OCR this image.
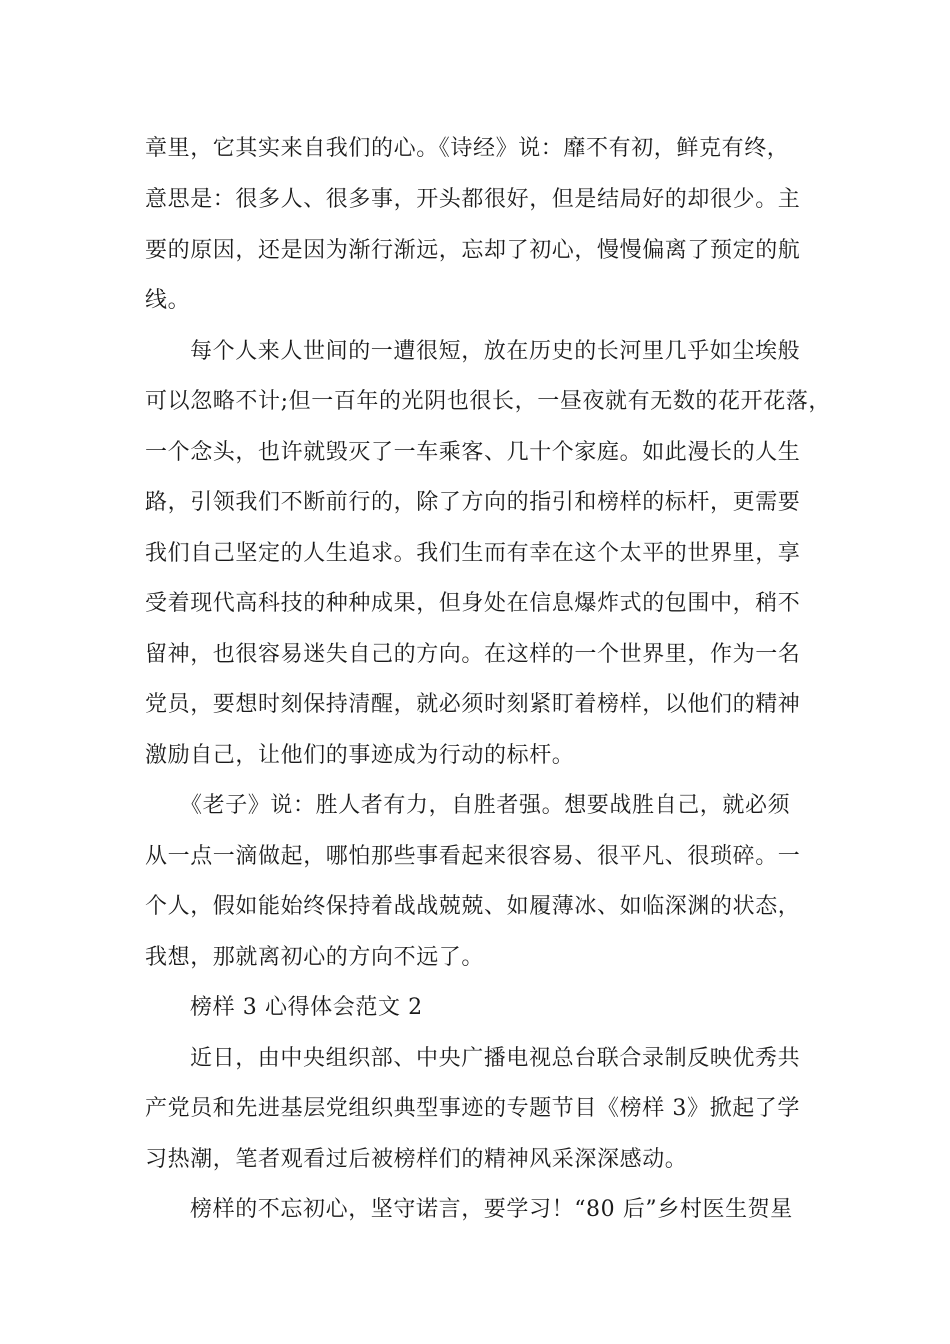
章里，它其实来自我们的心。《诗经》说：靡不有初，鲜克有终，

意思是：很多人、很多事，开头都很好，但是结局好的却很少。主

要的原因，还是因为渐行渐远，忘却了初心，慢慢偏离了预定的航

线。

每个人来人世间的一遭很短，放在历史的长河里几乎如尘埃般

可以忽略不计;但一百年的光阴也很长，一昼夜就有无数的花开花落，

一个念头，也许就毁灭了一车乘客、几十个家庭。如此漫长的人生

路，引领我们不断前行的，除了方向的指引和榜样的标杆，更需要

我们自己坚定的人生追求。我们生而有幸在这个太平的世界里，享

受着现代高科技的种种成果，但身处在信息爆炸式的包围中，稍不

留神，也很容易迷失自己的方向。在这样的一个世界里，作为一名

党员，要想时刻保持清醒，就必须时刻紧盯着榜样，以他们的精神

激励自己，让他们的事迹成为行动的标杆。

《老子》说：胜人者有力，自胜者强。想要战胜自己，就必须

从一点一滴做起，哪怕那些事看起来很容易、很平凡、很琐碎。一

个人，假如能始终保持着战战兢兢、如履薄冰、如临深渊的状态，

我想，那就离初心的方向不远了。

榜样 3 心得体会范文 2

近日，由中央组织部、中央广播电视总台联合录制反映优秀共

产党员和先进基层党组织典型事迹的专题节目《榜样 3》掀起了学

习热潮，笔者观看过后被榜样们的精神风采深深感动。

榜样的不忘初心，坚守诺言，要学习！“80 后”乡村医生贺星
